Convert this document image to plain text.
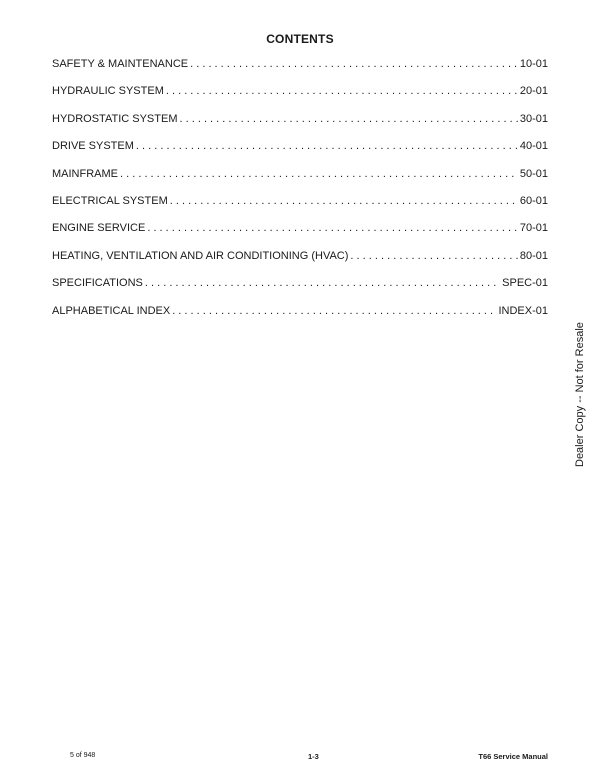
CONTENTS
SAFETY & MAINTENANCE . . .	10-01
HYDRAULIC SYSTEM . . .	20-01
HYDROSTATIC SYSTEM . . .	30-01
DRIVE SYSTEM . . .	40-01
MAINFRAME . . .	50-01
ELECTRICAL SYSTEM . . .	60-01
ENGINE SERVICE . . .	70-01
HEATING, VENTILATION AND AIR CONDITIONING (HVAC) . . .	80-01
SPECIFICATIONS . . .	SPEC-01
ALPHABETICAL INDEX . . .	INDEX-01
Dealer Copy -- Not for Resale
5 of 948	1-3	T66 Service Manual
